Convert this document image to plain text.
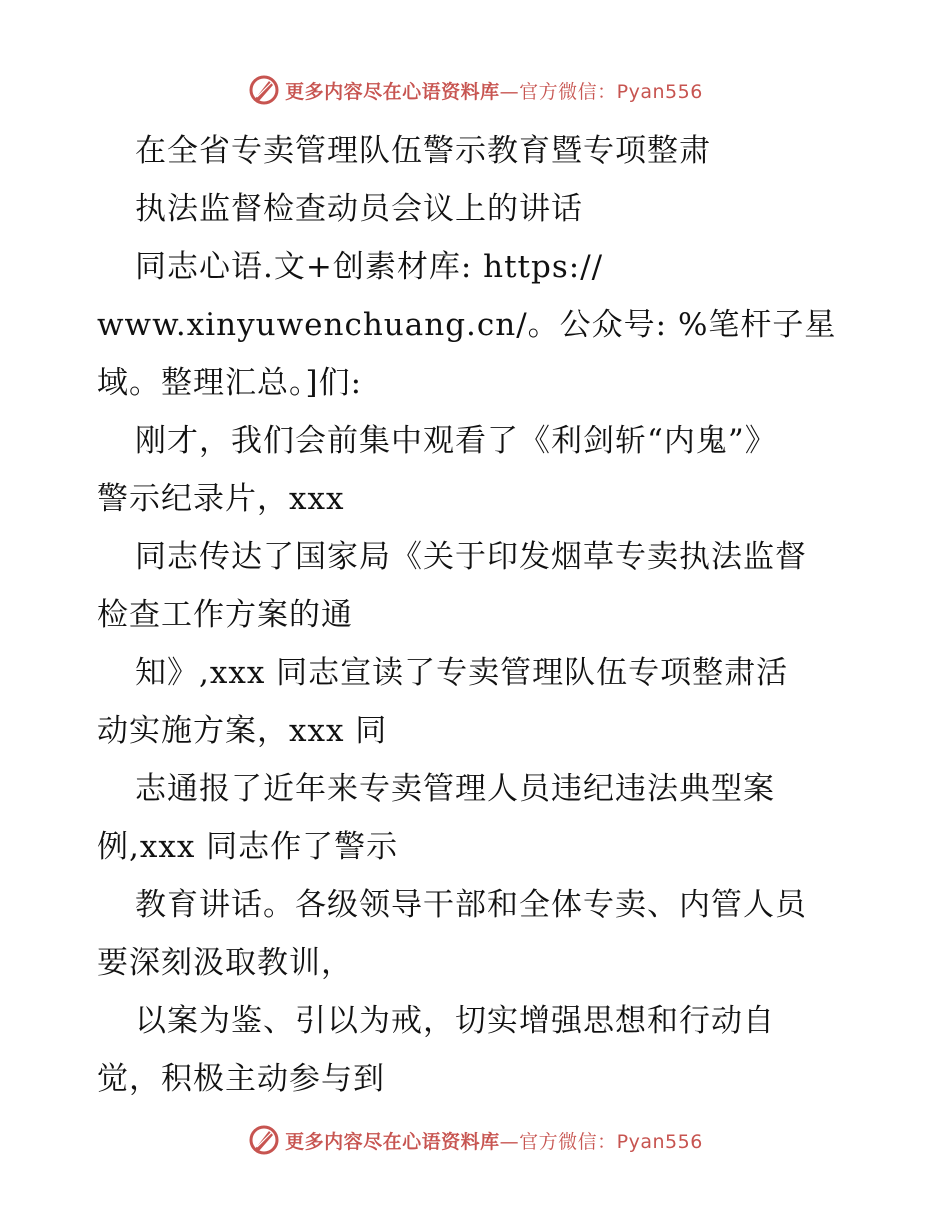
更多内容尽在心语资料库—官方微信：Pyan556
在全省专卖管理队伍警示教育暨专项整肃
执法监督检查动员会议上的讲话
同志心语.文+创素材库: https://
www.xinyuwenchuang.cn/。公众号: %笔杆子星
域。整理汇总。]们:
刚才，我们会前集中观看了《利剑斩“内鬼”》
警示纪录片，xxx
同志传达了国家局《关于印发烟草专卖执法监督
检查工作方案的通
知》,xxx 同志宣读了专卖管理队伍专项整肃活
动实施方案，xxx 同
志通报了近年来专卖管理人员违纪违法典型案
例,xxx 同志作了警示
教育讲话。各级领导干部和全体专卖、内管人员
要深刻汲取教训，
以案为鉴、引以为戒，切实增强思想和行动自
觉，积极主动参与到
更多内容尽在心语资料库—官方微信：Pyan556
